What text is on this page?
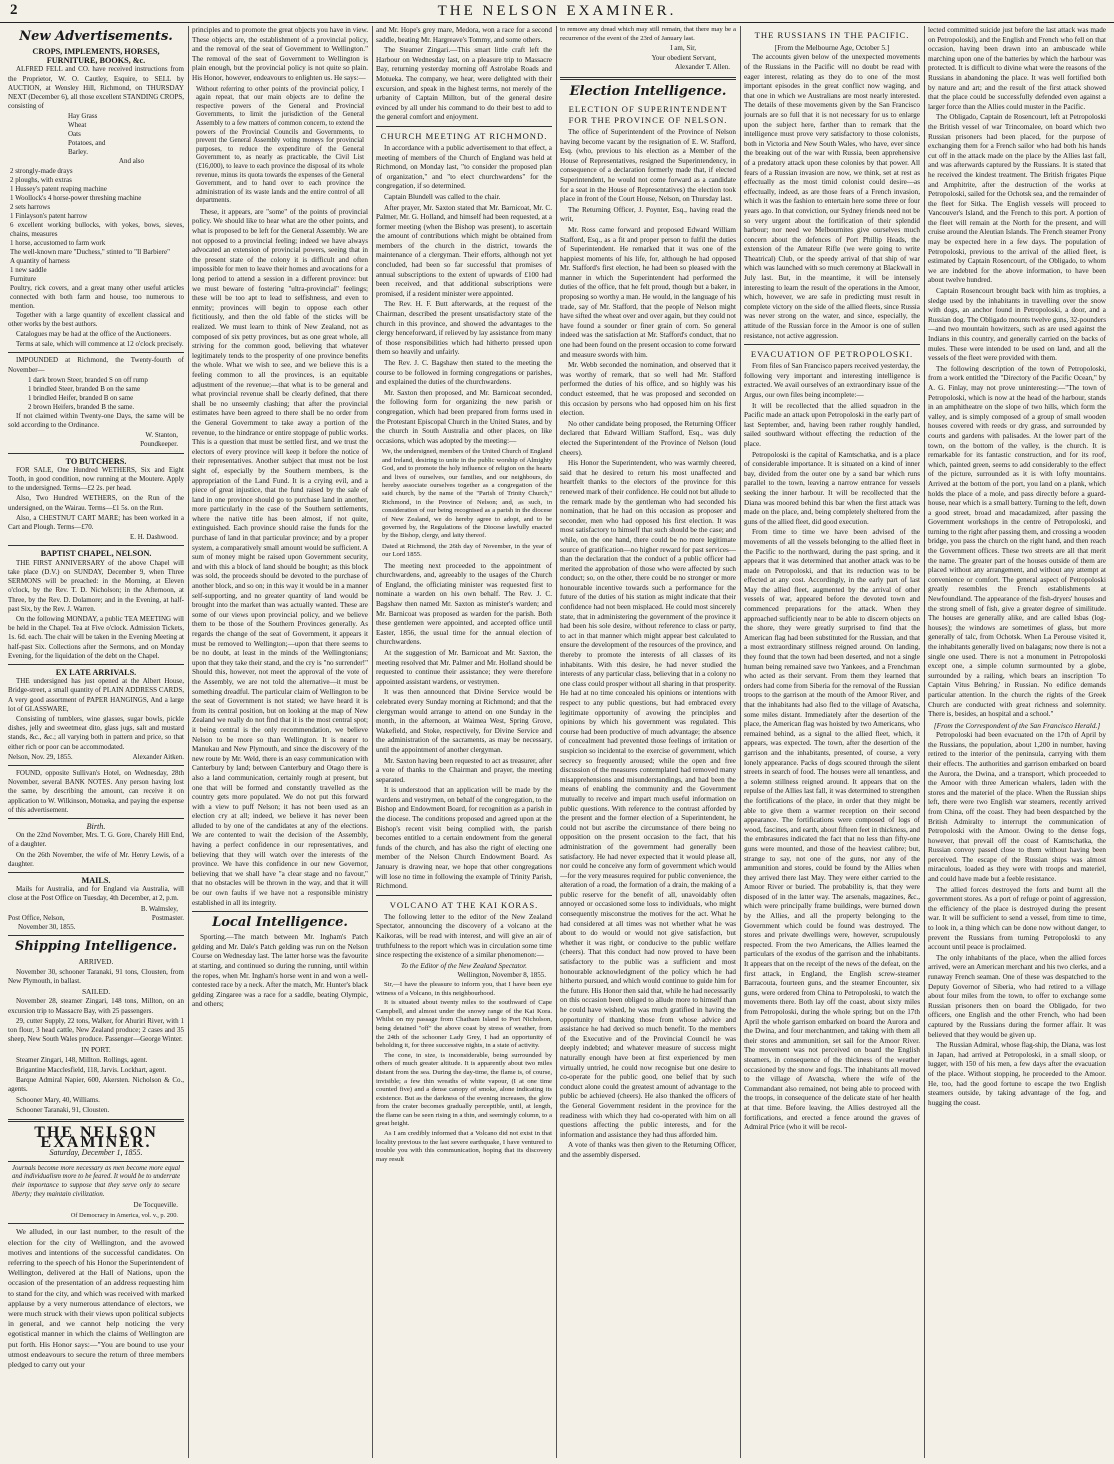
2	THE NELSON EXAMINER.
New Advertisements.
CROPS, IMPLEMENTS, HORSES, FURNITURE, BOOKS, &c.

ALFRED FELL and CO. have received instructions from the Proprietor, W. O. Cautley, Esquire, to SELL by AUCTION, at Wensley Hill, Richmond, on THURSDAY NEXT (December 6), all those excellent STANDING CROPS, consisting of

Hay Grass
Wheat
Oats
Potatoes, and
Barley.
And also
2 strongly-made drays
2 ploughs, with extras
1 Hussey's patent reaping machine
1 Woollock's 4 horse-power threshing machine
2 sets harrows
1 Finlayson's patent harrow
6 excellent working bullocks, with yokes, bows, sieves, chains, measures
1 horse, accustomed to farm work
The well-known mare "Duchess," stinted to "Il Barbiere"
A quantity of harness
1 new saddle
Furniture
Poultry, rick covers, and a great many other useful articles connected with both farm and house, too numerous to mention.

Together with a large quantity of excellent classical and other works by the best authors.

Catalogues may be had at the office of the Auctioneers.

Terms at sale, which will commence at 12 o'clock precisely.

IMPOUNDED at Richmond, the Twenty-fourth of November—

1 dark brown Steer, branded S on off rump
1 brindled Steer, branded B on the same
1 brindled Heifer, branded B on same
2 brown Heifers, branded B the same.

If not claimed within Twenty-one Days, the same will be sold according to the Ordinance.

W. Stanton,
Poundkeeper.
TO BUTCHERS.

FOR SALE, One Hundred WETHERS, Six and Eight Tooth, in good condition, now running at the Moutere. Apply to the undersigned. Terms—£2 2s. per head.

Also, Two Hundred WETHERS, on the Run of the undersigned, on the Wairau. Terms—£1 5s. on the Run.

Also, a CHESTNUT CART MARE; has been worked in a Cart and Plough. Terms—£70.

E. H. Dashwood.
BAPTIST CHAPEL, NELSON.

THE FIRST ANNIVERSARY of the above Chapel will take place (D.V.) on SUNDAY, December 9, when Three SERMONS will be preached: in the Morning, at Eleven o'clock, by the Rev. T. D. Nicholson; in the Afternoon, at Three, by the Rev. D. Dolamore; and in the Evening, at half-past Six, by the Rev. J. Warren.

On the following MONDAY, a public TEA MEETING will be held in the Chapel. Tea at Five o'clock. Admission Tickets, 1s. 6d. each. The chair will be taken in the Evening Meeting at half-past Six. Collections after the Sermons, and on Monday Evening, for the liquidation of the debt on the Chapel.

EX LATE ARRIVALS.

THE undersigned has just opened at the Albert House, Bridge-street, a small quantity of PLAIN ADDRESS CARDS, A very good assortment of PAPER HANGINGS, And a large lot of GLASSWARE,

Consisting of tumblers, wine glasses, sugar bowls, pickle dishes, jelly and sweetmeat dito, glass jugs, salt and mustard stands, &c., &c.; all varying both in pattern and price, so that either rich or poor can be accommodated.

Nelson, Nov. 29, 1855.	Alexander Aitken.

FOUND, opposite Sullivan's Hotel, on Wednesday, 28th November, several BANK NOTES. Any person having lost the same, by describing the amount, can receive it on application to W. Wilkinson, Motueka, and paying the expense of this advertisement.

Birth.

On the 22nd November, Mrs. T. G. Gore, Charely Hill End, of a daughter.

On the 26th November, the wife of Mr. Henry Lewis, of a daughter.

MAILS.

Mails for Australia, and for England via Australia, will close at the Post Office on Tuesday, 4th December, at 2, p.m.

B. Walmsley,
Post Office, Nelson,	Postmaster.
November 30, 1855.
Shipping Intelligence.
ARRIVED.

November 30, schooner Taranaki, 91 tons, Clousten, from New Plymouth, in ballast.

SAILED.

November 28, steamer Zingari, 148 tons, Millton, on an excursion trip to Massacre Bay, with 25 passengers.

29, cutter Supply, 22 tons, Walker, for Ahuriri River, with 1 ton flour, 3 head cattle, New Zealand produce; 2 cases and 35 sheep, New South Wales produce. Passenger—George Winter.

IN PORT.

Steamer Zingari, 148, Millton. Rollings, agent.

Brigantine Macclesfield, 118, Jarvis. Lockhart, agent.

Barque Admiral Napier, 600, Akersten. Nicholson & Co., agents.

Schooner Mary, 40, Williams.

Schooner Taranaki, 91, Clousten.

THE NELSON EXAMINER.
Saturday, December 1, 1855.
Journals become more necessary as men become more equal and individualism more to be feared. It would be to underrate their importance to suppose that they serve only to secure liberty; they maintain civilization.
De Tocqueville.
Of Democracy in America, vol. v., p. 200.

We alluded, in our last number, to the result of the election for the city of Wellington, and the avowed motives and intentions of the successful candidates. On referring to the speech of his Honor the Superintendent of Wellington, delivered at the Hall of Nations, upon the occasion of the presentation of an address requesting him to stand for the city, and which was received with marked applause by a very numerous attendance of electors, we were much struck with their views upon political subjects in general, and we cannot help noticing the very egotistical manner in which the claims of Wellington are put forth. His Honor says:—"You are bound to use your utmost endeavours to secure the return of three members pledged to carry out your

principles and to promote the great objects you have in view. These objects are, the establishment of a provincial policy, and the removal of the seat of Government to Wellington." The removal of the seat of Government to Wellington is plain enough, but the provincial policy is not quite so plain. His Honor, however, endeavours to enlighten us. He says:—

Without referring to other points of the provincial policy, I again repeat, that our main objects are to define the respective powers of the General and Provincial Governments, to limit the jurisdiction of the General Assembly to a few matters of common concern, to extend the powers of the Provincial Councils and Governments, to prevent the General Assembly voting moneys for provincial purposes, to reduce the expenditure of the General Government to, as nearly as practicable, the Civil List (£16,000), to leave to each province the disposal of its whole revenue, minus its quota towards the expenses of the General Government, and to hand over to each province the administration of its waste lands and the entire control of all departments.

These, it appears, are "some" of the points of provincial policy. We should like to hear what are the other points, and what is proposed to be left for the General Assembly. We are not opposed to a provincial feeling; indeed we have always advocated an extension of provincial powers, seeing that in the present state of the colony it is difficult and often impossible for men to leave their homes and avocations for a long period to attend a session in a different province: but we must beware of fostering "ultra-provincial" feelings; these will be too apt to lead to selfishness, and even to enmity; provinces will begin to oppose each other fictitiously, and then the old fable of the sticks will be realized. We must learn to think of New Zealand, not as composed of six petty provinces, but as one great whole, all striving for the common good, believing that whatever legitimately tends to the prosperity of one province benefits the whole. What we wish to see, and we believe this is a feeling common to all the provinces, is an equitable adjustment of the revenue;—that what is to be general and what provincial revenue shall be clearly defined, that there shall be no unseemly clashing; that after the provincial estimates have been agreed to there shall be no order from the General Government to take away a portion of the revenue, to the hindrance or entire stoppage of public works. This is a question that must be settled first, and we trust the electors of every province will keep it before the notice of their representatives. Another subject that must not be lost sight of, especially by the Southern members, is the appropriation of the Land Fund. It is a crying evil, and a piece of great injustice, that the fund raised by the sale of land in one province should go to purchase land in another, more particularly in the case of the Southern settlements, where the native title has been almost, if not quite, extinguished. Each province should raise the funds for the purchase of land in that particular province; and by a proper system, a comparatively small amount would be sufficient. A sum of money might be raised upon Government security, and with this a block of land should be bought; as this block was sold, the proceeds should be devoted to the purchase of another block, and so on; in this way it would be in a manner self-supporting, and no greater quantity of land would be brought into the market than was actually wanted. These are some of our views upon provincial policy, and we believe them to be those of the Southern Provinces generally. As regards the change of the seat of Government, it appears it must be removed to Wellington;—upon that there seems to be no doubt, at least in the minds of the Wellingtonians; upon that they take their stand, and the cry is "no surrender!" Should this, however, not meet the approval of the vote of the Assembly, we are not told the alternative—it must be something dreadful. The particular claim of Wellington to be the seat of Government is not stated; we have heard it is from its central position, but on looking at the map of New Zealand we really do not find that it is the most central spot; it being central is the only recommendation, we believe Nelson to be more so than Wellington. It is nearer to Manukau and New Plymouth, and since the discovery of the new route by Mr. Weld, there is an easy communication with Canterbury by land; between Canterbury and Otago there is also a land communication, certainly rough at present, but one that will be formed and constantly travelled as the country gets more populated. We do not put this forward with a view to puff Nelson; it has not been used as an election cry at all; indeed, we believe it has never been alluded to by one of the candidates at any of the elections. We are contented to wait the decision of the Assembly, having a perfect confidence in our representatives, and believing that they will watch over the interests of the province. We have this confidence in our new Governor, believing that we shall have "a clear stage and no favour," that no obstacles will be thrown in the way, and that it will be our own faults if we have not a responsible ministry established in all its integrity.

Local Intelligence.

Sporting.—The match between Mr. Ingham's Patch gelding and Mr. Dale's Patch gelding was run on the Nelson Course on Wednesday last. The latter horse was the favourite at starting, and continued so during the running, until within the ropes, when Mr. Ingham's horse went in and won a well-contested race by a neck. After the match, Mr. Hunter's black gelding Zingaree was a race for a saddle, beating Olympic, and others;

and Mr. Hope's grey mare, Medora, won a race for a second saddle, beating Mr. Hargreave's Tommy, and some others.

The Steamer Zingari.—This smart little craft left the Harbour on Wednesday last, on a pleasure trip to Massacre Bay, returning yesterday morning off Astrolabe Roads and Motueka. The company, we hear, were delighted with their excursion, and speak in the highest terms, not merely of the urbanity of Captain Millton, but of the general desire evinced by all under his command to do their best to add to the general comfort and enjoyment.

CHURCH MEETING AT RICHMOND.

In accordance with a public advertisement to that effect, a meeting of members of the Church of England was held at Richmond, on Monday last, "to consider the proposed plan of organization," and "to elect churchwardens" for the congregation, if so determined.

Captain Blundell was called to the chair.

After prayer, Mr. Saxton stated that Mr. Barnicoat, Mr. C. Palmer, Mr. G. Holland, and himself had been requested, at a former meeting (when the Bishop was present), to ascertain the amount of contributions which might be obtained from members of the church in the district, towards the maintenance of a clergyman. Their efforts, although not yet concluded, had been so far successful that promises of annual subscriptions to the extent of upwards of £100 had been received, and that additional subscriptions were promised, if a resident minister were appointed.

The Rev. H. F. Butt afterwards, at the request of the Chairman, described the present unsatisfactory state of the church in this province, and showed the advantages to the clergy henceforward, if relieved by lay assistance from many of those responsibilities which had hitherto pressed upon them so heavily and unfairly.

The Rev. J. C. Bagshaw then stated to the meeting the course to be followed in forming congregations or parishes, and explained the duties of the churchwardens.

Mr. Saxton then proposed, and Mr. Barnicoat seconded, the following form for organizing the new parish or congregation, which had been prepared from forms used in the Protestant Episcopal Church in the United States, and by the church in South Australia and other places, on like occasions, which was adopted by the meeting:—

We, the undersigned, members of the United Church of England and Ireland, desiring to unite in the public worship of Almighty God, and to promote the holy influence of religion on the hearts and lives of ourselves, our families, and our neighbours, do hereby associate ourselves together as a congregation of the said church, by the name of the "Parish of Trinity Church," Richmond, in the Province of Nelson; and, as such, in consideration of our being recognised as a parish in the diocese of New Zealand, we do hereby agree to adopt, and to be governed by, the Regulations of the Diocese lawfully enacted by the Bishop, clergy, and laity thereof.
Dated at Richmond, the 26th day of November, in the year of our Lord 1855.

The meeting next proceeded to the appointment of churchwardens, and, agreeably to the usages of the Church of England, the officiating minister was requested first to nominate a warden on his own behalf. The Rev. J. C. Bagshaw then named Mr. Saxton as minister's warden; and Mr. Barnicoat was proposed as warden for the parish. Both these gentlemen were appointed, and accepted office until Easter, 1856, the usual time for the annual election of churchwardens.

At the suggestion of Mr. Barnicoat and Mr. Saxton, the meeting resolved that Mr. Palmer and Mr. Holland should be requested to continue their assistance; they were therefore appointed assistant wardens, or vestrymen.

It was then announced that Divine Service would be celebrated every Sunday morning at Richmond; and that the clergyman would arrange to attend on one Sunday in the month, in the afternoon, at Waimea West, Spring Grove, Wakefield, and Stoke, respectively, for Divine Service and the administration of the sacraments, as may be necessary, until the appointment of another clergyman.

Mr. Saxton having been requested to act as treasurer, after a vote of thanks to the Chairman and prayer, the meeting separated.

It is understood that an application will be made by the wardens and vestrymen, on behalf of the congregation, to the Bishop and Endowment Board, for recognition as a parish in the diocese. The conditions proposed and agreed upon at the Bishop's recent visit being complied with, the parish becomes entitled to a certain endowment from the general funds of the church, and has also the right of electing one member of the Nelson Church Endowment Board. As January is drawing near, we hope that other congregations will lose no time in following the example of Trinity Parish, Richmond.

VOLCANO AT THE KAI KORAS.

The following letter to the editor of the New Zealand Spectator, announcing the discovery of a volcano at the Kaikoras, will be read with interest, and will give an air of truthfulness to the report which was in circulation some time since respecting the existence of a similar phenomenon:—

To the Editor of the New Zealand Spectator.
Wellington, November 8, 1855.

Sir,—I have the pleasure to inform you, that I have been eye witness of a Volcano, in this neighbourhood.

It is situated about twenty miles to the southward of Cape Campbell, and almost under the snowy range of the Kai Kora. Whilst on my passage from Chatham Island to Port Nicholson, being detained "off" the above coast by stress of weather, from the 24th of the schooner Lady Grey, I had an opportunity of beholding it, for three successive nights, in a state of activity.

The cone, in size, is inconsiderable, being surrounded by others of much greater altitude. It is apparently about two miles distant from the sea. During the day-time, the flame is, of course, invisible; a few thin wreaths of white vapour, (I at one time counted five) and a dense canopy of smoke, alone indicating its existence. But as the darkness of the evening increases, the glow from the crater becomes gradually perceptible, until, at length, the flame can be seen rising in a thin, and seemingly column, to a great height.

As I am credibly informed that a Volcano did not exist in that locality previous to the last severe earthquake, I have ventured to trouble you with this communication, hoping that its discovery may result

to remove any dread which may still remain, that there may be a recurrence of the event of the 23rd of January last.

I am, Sir,
Your obedient Servant,
Alexander T. Allen.
Election Intelligence.
ELECTION OF SUPERINTENDENT FOR THE PROVINCE OF NELSON.

The office of Superintendent of the Province of Nelson having become vacant by the resignation of E. W. Stafford, Esq. (who, previous to his election as a Member of the House of Representatives, resigned the Superintendency, in consequence of a declaration formerly made that, if elected Superintendent, he would not come forward as a candidate for a seat in the House of Representatives) the election took place in front of the Court House, Nelson, on Thursday last.

The Returning Officer, J. Poynter, Esq., having read the writ,

Mr. Ross came forward and proposed Edward William Stafford, Esq., as a fit and proper person to fulfil the duties of Superintendent. He remarked that it was one of the happiest moments of his life, for, although he had opposed Mr. Stafford's first election, he had been so pleased with the manner in which the Superintendent had performed the duties of the office, that he felt proud, though but a baker, in proposing so worthy a man. He would, in the language of his trade, say of Mr. Stafford, that the people of Nelson might have sifted the wheat over and over again, but they could not have found a sounder or finer grain of corn. So general indeed was the satisfaction at Mr. Stafford's conduct, that no one had been found on the present occasion to come forward and measure swords with him.

Mr. Webb seconded the nomination, and observed that it was worthy of remark, that so well had Mr. Stafford performed the duties of his office, and so highly was his conduct esteemed, that he was proposed and seconded on this occasion by persons who had opposed him on his first election.

No other candidate being proposed, the Returning Officer declared that Edward William Stafford, Esq., was duly elected the Superintendent of the Province of Nelson (loud cheers).

His Honor the Superintendent, who was warmly cheered, said that he desired to return his most unaffected and heartfelt thanks to the electors of the province for this renewed mark of their confidence. He could not but allude to the remark made by the gentleman who had seconded his nomination, that he had on this occasion as proposer and seconder, men who had opposed his first election. It was most satisfactory to himself that such should be the case; and while, on the one hand, there could be no more legitimate source of gratification—no higher reward for past services—than the declaration that the conduct of a public officer had merited the approbation of those who were affected by such conduct; so, on the other, there could be no stronger or more honourable incentive towards such a performance for the future of the duties of his station as might indicate that their confidence had not been misplaced. He could most sincerely state, that in administering the government of the province it had been his sole desire, without reference to class or party, to act in that manner which might appear best calculated to ensure the development of the resources of the province, and thereby to promote the interests of all classes of its inhabitants. With this desire, he had never studied the interests of any particular class, believing that in a colony no one class could prosper without all sharing in that prosperity. He had at no time concealed his opinions or intentions with respect to any public questions, but had embraced every legitimate opportunity of avowing the principles and opinions by which his government was regulated. This course had been productive of much advantage; the absence of concealment had prevented those feelings of irritation or suspicion so incidental to the exercise of government, which secrecy so frequently aroused; while the open and free discussion of the measures contemplated had removed many misapprehensions and misunderstandings, and had been the means of enabling the community and the Government mutually to receive and impart much useful information on public questions. With reference to the contrast afforded by the present and the former election of a Superintendent, he could not but ascribe the circumstance of there being no opposition on the present occasion to the fact, that his administration of the government had generally been satisfactory. He had never expected that it would please all, nor could he conceive any form of government which would—for the very measures required for public convenience, the alteration of a road, the formation of a drain, the making of a public reserve for the benefit of all, unavoidably often annoyed or occasioned some loss to individuals, who might consequently misconstrue the motives for the act. What he had considered at all times was not whether what he was about to do would or would not give satisfaction, but whether it was right, or conducive to the public welfare (cheers). That this conduct had now proved to have been satisfactory to the public was a sufficient and most honourable acknowledgment of the policy which he had hitherto pursued, and which would continue to guide him for the future. His Honor then said that, while he had necessarily on this occasion been obliged to allude more to himself than he could have wished, he was much gratified in having the opportunity of thanking those from whose advice and assistance he had derived so much benefit. To the members of the Executive and of the Provincial Council he was deeply indebted; and whatever measure of success might naturally enough have been at first experienced by men virtually untried, he could now recognise but one desire to co-operate for the public good, one belief that by such conduct alone could the greatest amount of advantage to the public be achieved (cheers). He also thanked the officers of the General Government resident in the province for the readiness with which they had co-operated with him on all questions affecting the public interests, and for the information and assistance they had thus afforded him.

A vote of thanks was then given to the Returning Officer, and the assembly dispersed.

THE RUSSIANS IN THE PACIFIC.
[From the Melbourne Age, October 5.]

The accounts given below of the unexpected movements of the Russians in the Pacific will no doubt be read with eager interest, relating as they do to one of the most important episodes in the great conflict now waging, and that one in which we Australians are most nearly interested. The details of these movements given by the San Francisco journals are so full that it is not necessary for us to enlarge upon the subject here, farther than to remark that the intelligence must prove very satisfactory to those colonists, both in Victoria and New South Wales, who have, ever since the breaking out of the war with Russia, been apprehensive of a predatory attack upon these colonies by that power. All fears of a Russian invasion are now, we think, set at rest as effectually as the most timid colonist could desire—as effectually, indeed, as are those fears of a French invasion, which it was the fashion to entertain here some three or four years ago. In that conviction, our Sydney friends need not be so very urgent about the fortification of their splendid harbour; nor need we Melbournites give ourselves much concern about the defences of Port Phillip Heads, the extension of the Amateur Rifle (we were going to write Theatrical) Club, or the speedy arrival of that ship of war which was launched with so much ceremony at Blackwall in July last. But, in the meantime, it will be intensely interesting to learn the result of the operations in the Amoor, which, however, we are safe in predicting must result in complete victory on the side of the allied fleets, since Russia was never strong on the water, and since, especially, the attitude of the Russian force in the Amoor is one of sullen resistance, not active aggression.

EVACUATION OF PETROPOLOSKI.

From files of San Francisco papers received yesterday, the following very important and interesting intelligence is extracted. We avail ourselves of an extraordinary issue of the Argus, our own files being incomplete:—

It will be recollected that the allied squadron in the Pacific made an attack upon Petropoloski in the early part of last September, and, having been rather roughly handled, sailed southward without effecting the reduction of the place.

Petropoloski is the capital of Kamtschatka, and is a place of considerable importance. It is situated on a kind of inner bay, divided from the outer one by a sand bar which runs parallel to the town, leaving a narrow entrance for vessels seeking the inner harbour. It will be recollected that the Diana was moored behind this bar when the first attack was made on the place, and, being completely sheltered from the guns of the allied fleet, did good execution.

From time to time we have been advised of the movements of all the vessels belonging to the allied fleet in the Pacific to the northward, during the past spring, and it appears that it was determined that another attack was to be made on Petropoloski, and that its reduction was to be effected at any cost. Accordingly, in the early part of last May the allied fleet, augmented by the arrival of other vessels of war, appeared before the devoted town and commenced preparations for the attack. When they approached sufficiently near to be able to discern objects on the shore, they were greatly surprised to find that the American flag had been substituted for the Russian, and that a most extraordinary stillness reigned around. On landing, they found that the town had been deserted, and not a single human being remained save two Yankees, and a Frenchman who acted as their servant. From them they learned that orders had come from Siberia for the removal of the Russian troops to the garrison at the mouth of the Amoor River, and that the inhabitants had also fled to the village of Avatscha, some miles distant. Immediately after the desertion of the place, the American flag was hoisted by two Americans, who remained behind, as a signal to the allied fleet, which, it appears, was expected. The town, after the desertion of the garrison and the inhabitants, presented, of course, a very lonely appearance. Packs of dogs scoured through the silent streets in search of food. The houses were all tenantless, and a solemn stillness reigned around. It appears that on the repulse of the Allies last fall, it was determined to strengthen the fortifications of the place, in order that they might be able to give them a warmer reception on their second appearance. The fortifications were composed of logs of wood, fascines, and earth, about fifteen feet in thickness, and the embrasures indicated the fact that no less than fifty-one guns were mounted, and those of the heaviest calibre; but, strange to say, not one of the guns, nor any of the ammunition and stores, could be found by the Allies when they arrived there last May. They were either carried to the Amoor River or buried. The probability is, that they were disposed of in the latter way. The arsenals, magazines, &c., which were principally frame buildings, were burned down by the Allies, and all the property belonging to the Government which could be found was destroyed. The stores and private dwellings were, however, scrupulously respected. From the two Americans, the Allies learned the particulars of the exodus of the garrison and the inhabitants. It appears that on the receipt of the news of the defeat, on the first attack, in England, the English screw-steamer Barracouta, fourteen guns, and the steamer Encounter, six guns, were ordered from China to Petropoloski, to watch the movements there. Both lay off the coast, about sixty miles from Petropoloski, during the whole spring; but on the 17th April the whole garrison embarked on board the Aurora and the Dwina, and four merchantmen, and taking with them all their stores and ammunition, set sail for the Amoor River. The movement was not perceived on board the English steamers, in consequence of the thickness of the weather occasioned by the snow and fogs. The inhabitants all moved to the village of Avatscha, where the wife of the Commandant also remained, not being able to proceed with the troops, in consequence of the delicate state of her health at that time. Before leaving, the Allies destroyed all the fortifications, and erected a fence around the graves of Admiral Price (who it will be recol-

lected committed suicide just before the last attack was made on Petropoloski), and the English and French who fell on that occasion, having been drawn into an ambuscade while marching upon one of the batteries by which the harbour was protected. It is difficult to divine what were the reasons of the Russians in abandoning the place. It was well fortified both by nature and art; and the result of the first attack showed that the place could be successfully defended even against a larger force than the Allies could muster in the Pacific.

The Obligado, Captain de Rosencourt, left at Petropoloski the British vessel of war Trincomalee, on board which two Russian prisoners had been placed, for the purpose of exchanging them for a French sailor who had both his hands cut off in the attack made on the place by the Allies last fall, and was afterwards captured by the Russians. It is stated that he received the kindest treatment. The British frigates Pique and Amphitrite, after the destruction of the works at Petropoloski, sailed for the Ochotsk sea, and the remainder of the fleet for Sitka. The English vessels will proceed to Vancouver's Island, and the French to this port. A portion of the fleet will remain at the North for the present, and will cruise around the Aleutian Islands. The French steamer Prony may be expected here in a few days. The population of Petropoloski, previous to the arrival of the allied fleet, is estimated by Captain Rosencourt, of the Obligado, to whom we are indebted for the above information, to have been about twelve hundred.

Captain Rosencourt brought back with him as trophies, a sledge used by the inhabitants in travelling over the snow with dogs, an anchor found in Petropoloski, a door, and a Russian dog. The Obligado mounts twelve guns, 32-pounders—and two mountain howitzers, such as are used against the Indians in this country, and generally carried on the backs of mules. These were intended to be used on land, and all the vessels of the fleet were provided with them.

The following description of the town of Petropoloski, from a work entitled the "Directory of the Pacific Ocean," by A. G. Finlay, may not prove uninteresting:—"The town of Petropoloski, which is now at the head of the harbour, stands in an amphitheatre on the slope of two hills, which form the valley, and is simply composed of a group of small wooden houses covered with reeds or dry grass, and surrounded by courts and gardens with palisades. At the lower part of the town, on the bottom of the valley, is the church. It is remarkable for its fantastic construction, and for its roof, which, painted green, seems to add considerably to the effect of the picture, surrounded as it is with lofty mountains. Arrived at the bottom of the port, you land on a plank, which holds the place of a mole, and pass directly before a guard-house, near which is a small battery. Turning to the left, down a good street, broad and macadamized, after passing the Government workshops in the centre of Petropoloski, and turning to the right after passing them, and crossing a wooden bridge, you pass the church on the right hand, and then reach the Government offices. These two streets are all that merit the name. The greater part of the houses outside of them are placed without any arrangement, and without any attempt at convenience or comfort. The general aspect of Petropoloski greatly resembles the French establishments at Newfoundland. The appearance of the fish-dryers' houses and the strong smell of fish, give a greater degree of similitude. The houses are generally alike, and are called Isbas (log-houses); the windows are sometimes of glass, but more generally of talc, from Ochotsk. When La Perouse visited it, the inhabitants generally lived on balagans; now there is not a single one used. There is not a monument in Petropoloski except one, a simple column surmounted by a globe, surrounded by a railing, which bears an inscription 'To Captain Vitus Behring,' in Russian. No edifice demands particular attention. In the church the rights of the Greek Church are conducted with great richness and solemnity. There is, besides, an hospital and a school."

[From the Correspondent of the San Francisco Herald.]

Petropoloski had been evacuated on the 17th of April by the Russians, the population, about 1,200 in number, having retired to the interior of the peninsula, carrying with them their effects. The authorities and garrison embarked on board the Aurora, the Dwina, and a transport, which proceeded to the Amoor with three American whalers, laden with the stores and the materiel of the place. When the Russian ships left, there were two English war steamers, recently arrived from China, off the coast. They had been despatched by the British Admiralty to interrupt the communication of Petropoloski with the Amoor. Owing to the dense fogs, however, that prevail off the coast of Kamtschatka, the Russian convoy passed close to them without having been perceived. The escape of the Russian ships was almost miraculous, loaded as they were with troops and materiel, and could have made but a feeble resistance.

The allied forces destroyed the forts and burnt all the government stores. As a port of refuge or point of aggression, the efficiency of the place is destroyed during the present war. It will be sufficient to send a vessel, from time to time, to look in, a thing which can be done now without danger, to prevent the Russians from turning Petropoloski to any account until peace is proclaimed.

The only inhabitants of the place, when the allied forces arrived, were an American merchant and his two clerks, and a runaway French seaman. One of these was despatched to the Deputy Governor of Siberia, who had retired to a village about four miles from the town, to offer to exchange some Russian prisoners then on board the Obligado, for two officers, one English and the other French, who had been captured by the Russians during the former affair. It was believed that they would be given up.

The Russian Admiral, whose flag-ship, the Diana, was lost in Japan, had arrived at Petropoloski, in a small sloop, or lugger, with 150 of his men, a few days after the evacuation of the place. Without stopping, he proceeded to the Amoor. He, too, had the good fortune to escape the two English steamers outside, by taking advantage of the fog, and hugging the coast.
